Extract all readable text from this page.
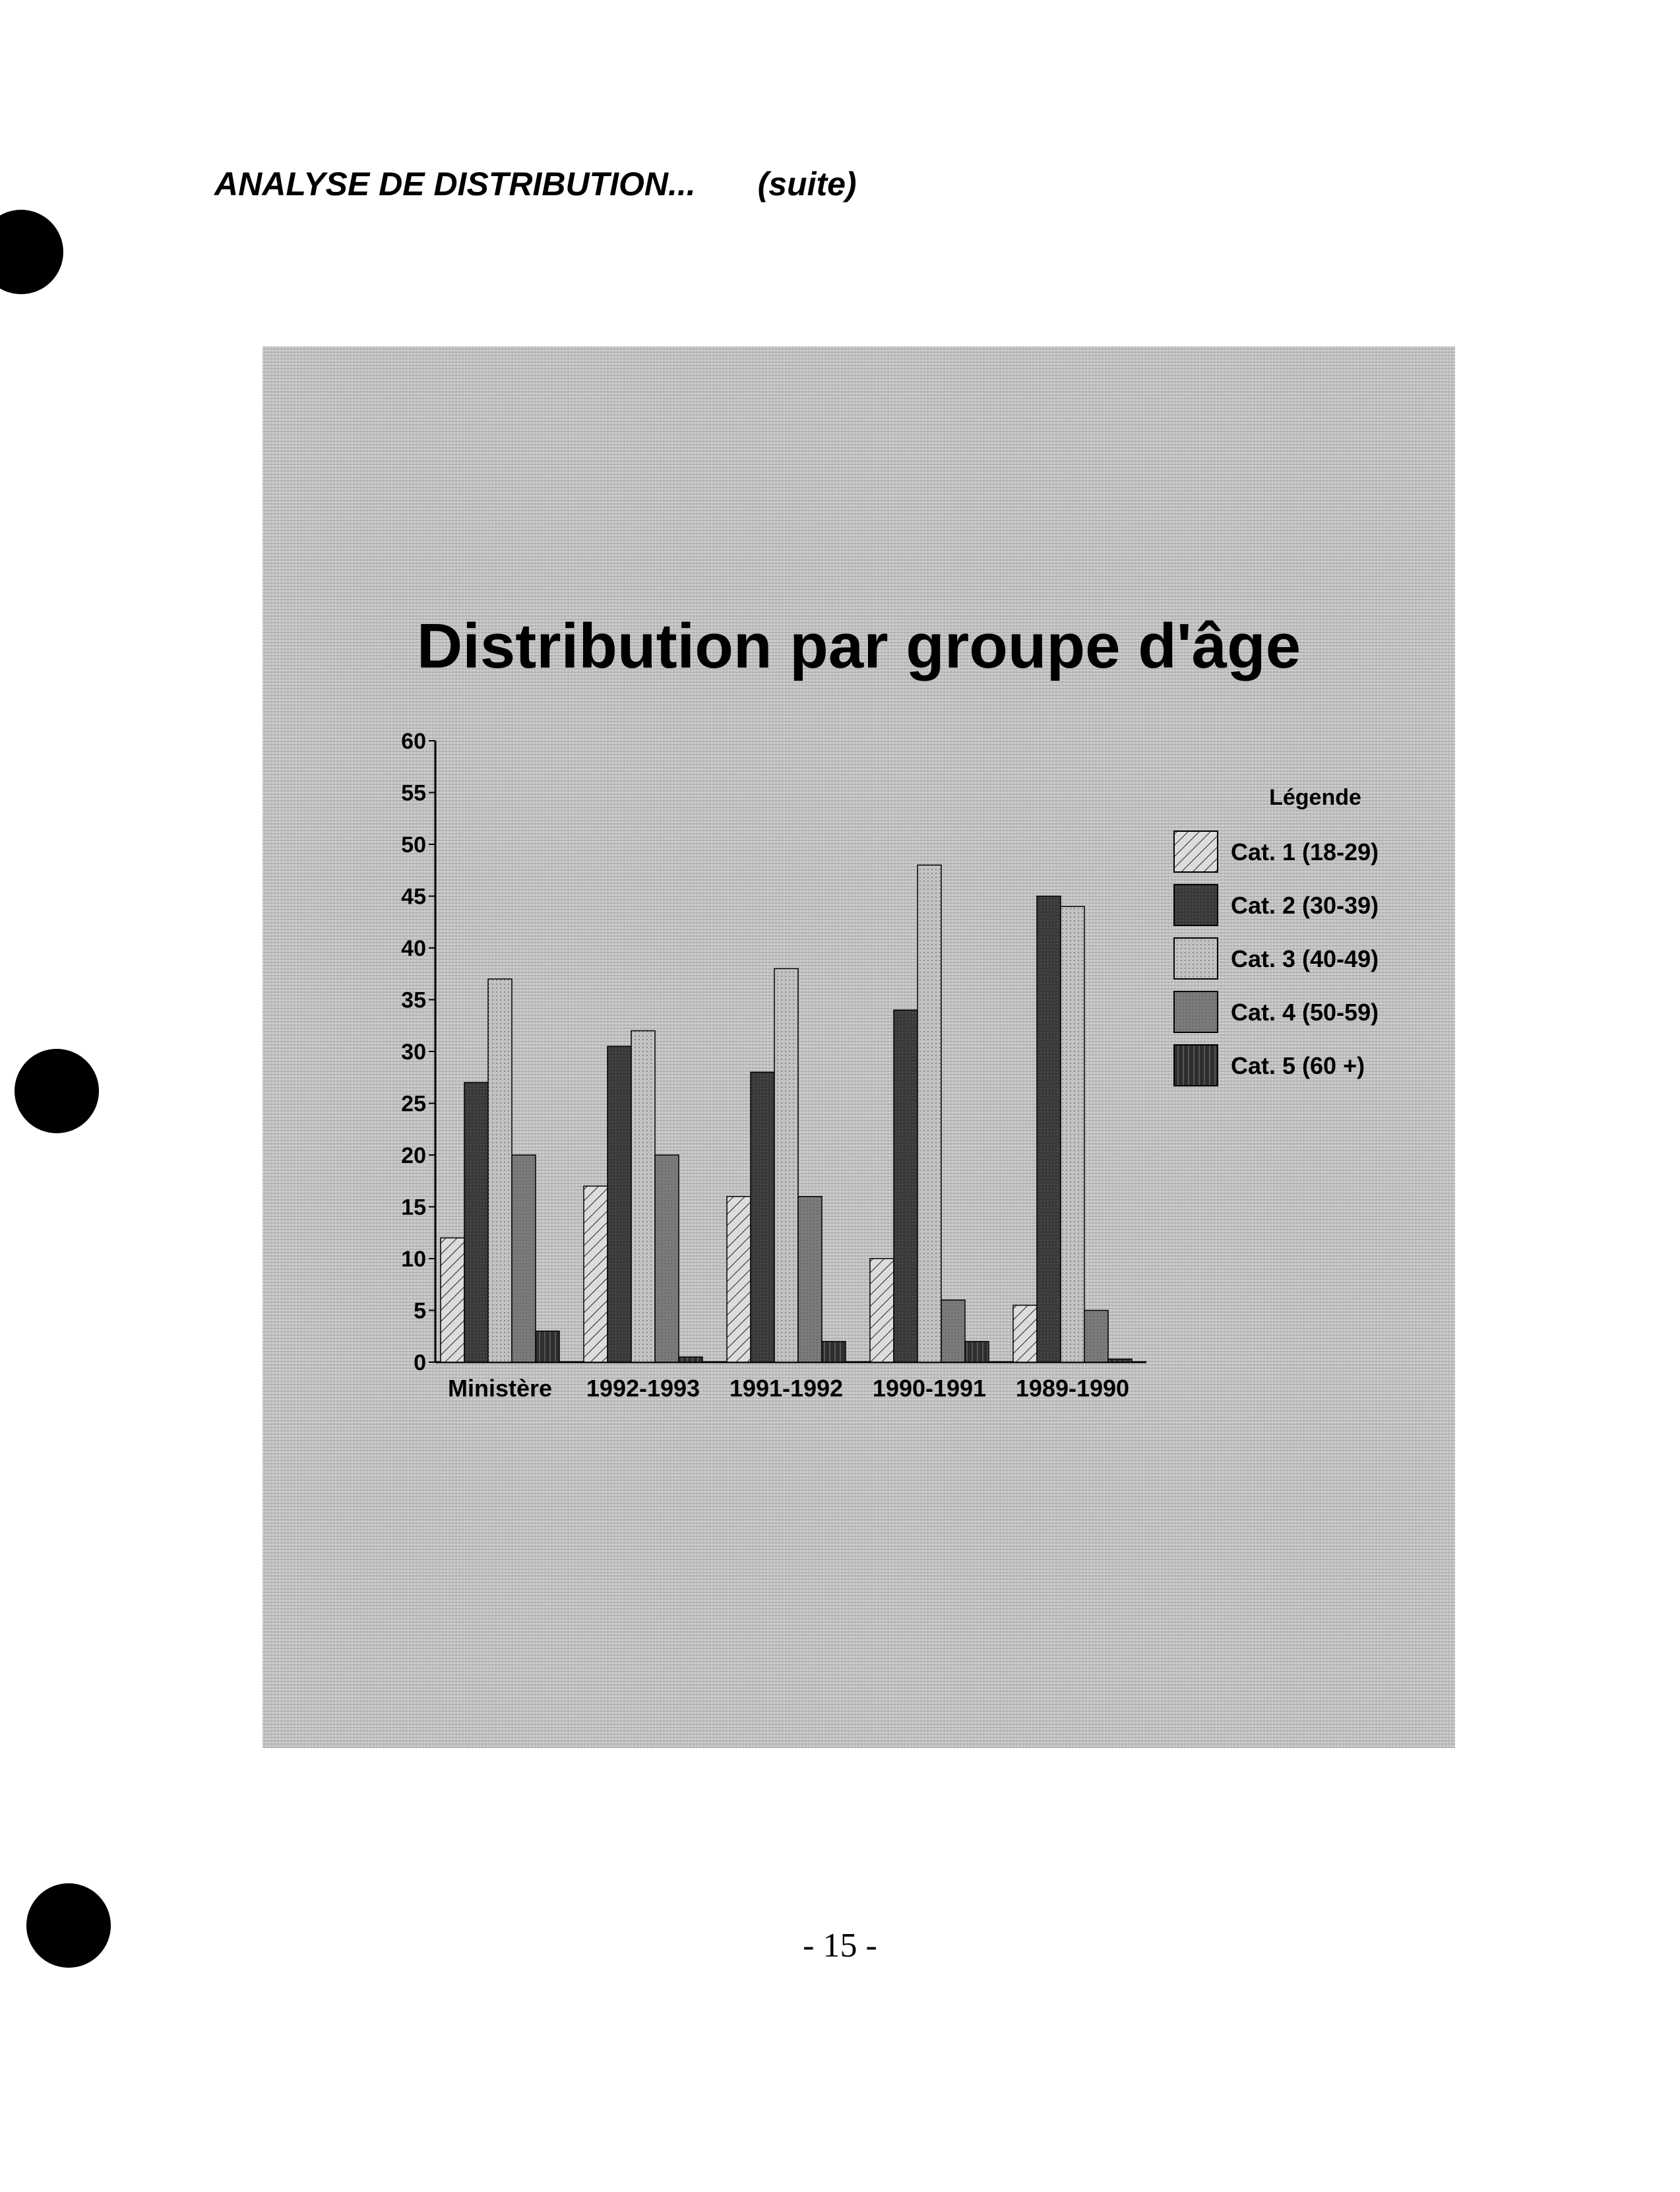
ANALYSE DE DISTRIBUTION... (suite)
Distribution par groupe d'âge
0
5
10
15
20
25
30
35
40
45
50
55
60
Ministère 1992-1993 1991-1992 1990-1991 1989-1990
Légende
Cat. 1 (18-29)
Cat. 2 (30-39)
Cat. 3 (40-49)
Cat. 4 (50-59)
Cat. 5 (60 +)
- 15 -
